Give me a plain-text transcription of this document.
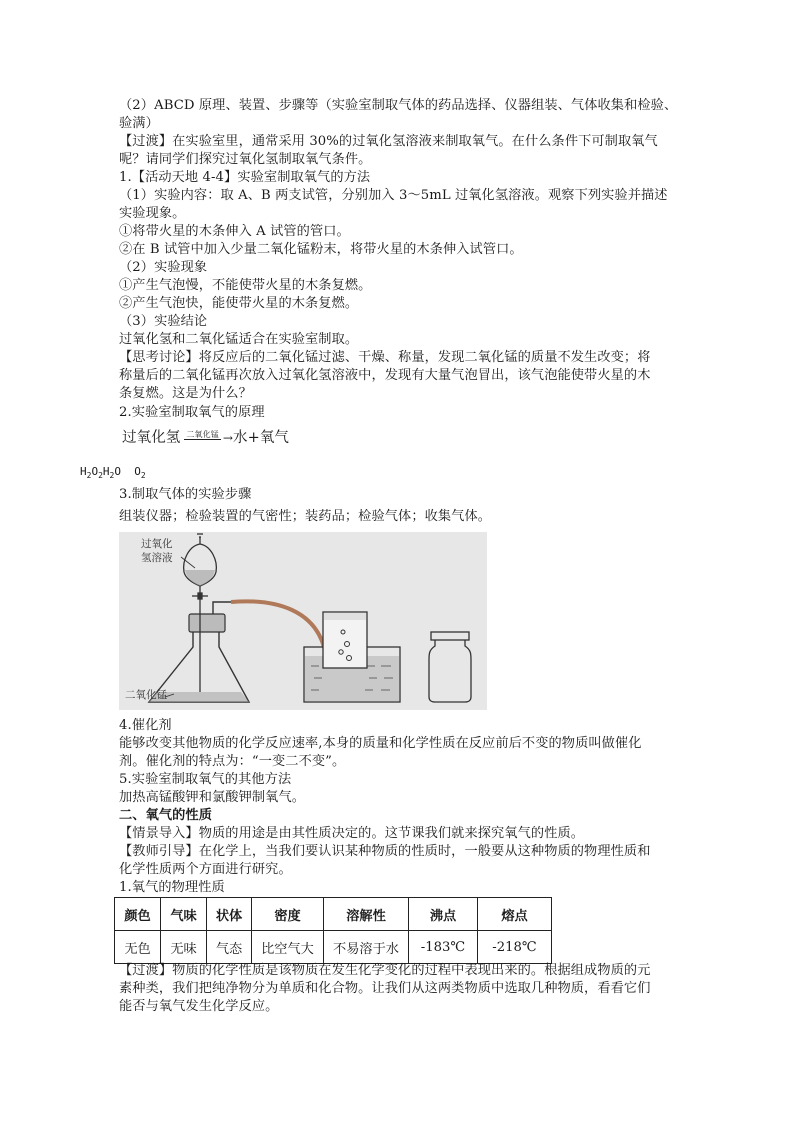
（2）ABCD 原理、装置、步骤等（实验室制取气体的药品选择、仪器组装、气体收集和检验、
验满）
【过渡】在实验室里，通常采用 30%的过氧化氢溶液来制取氧气。在什么条件下可制取氧气
呢？请同学们探究过氧化氢制取氧气条件。
1.【活动天地 4-4】实验室制取氧气的方法
（1）实验内容：取 A、B 两支试管，分别加入 3～5mL 过氧化氢溶液。观察下列实验并描述
实验现象。
①将带火星的木条伸入 A 试管的管口。
②在 B 试管中加入少量二氧化锰粉末，将带火星的木条伸入试管口。
（2）实验现象
①产生气泡慢，不能使带火星的木条复燃。
②产生气泡快，能使带火星的木条复燃。
（3）实验结论
过氧化氢和二氧化锰适合在实验室制取。
【思考讨论】将反应后的二氧化锰过滤、干燥、称量，发现二氧化锰的质量不发生改变；将
称量后的二氧化锰再次放入过氧化氢溶液中，发现有大量气泡冒出，该气泡能使带火星的木
条复燃。这是为什么？
2.实验室制取氧气的原理
过氧化氢 二氧化锰 →水+氧气
$H_2O_2H_2O$ $O_2$
3.制取气体的实验步骤
组装仪器；检验装置的气密性；装药品；检验气体；收集气体。
过氧化
氢溶液
二氧化锰
4.催化剂
能够改变其他物质的化学反应速率,本身的质量和化学性质在反应前后不变的物质叫做催化
剂。催化剂的特点为：“一变二不变”。
5.实验室制取氧气的其他方法
加热高锰酸钾和氯酸钾制氧气。
二、氧气的性质
【情景导入】物质的用途是由其性质决定的。这节课我们就来探究氧气的性质。
【教师引导】在化学上，当我们要认识某种物质的性质时，一般要从这种物质的物理性质和
化学性质两个方面进行研究。
1.氧气的物理性质
颜色	气味	状体	密度	溶解性	沸点	熔点
无色	无味	气态	比空气大	不易溶于水	-183℃	-218℃
【过渡】物质的化学性质是该物质在发生化学变化的过程中表现出来的。根据组成物质的元
素种类，我们把纯净物分为单质和化合物。让我们从这两类物质中选取几种物质，看看它们
能否与氧气发生化学反应。
